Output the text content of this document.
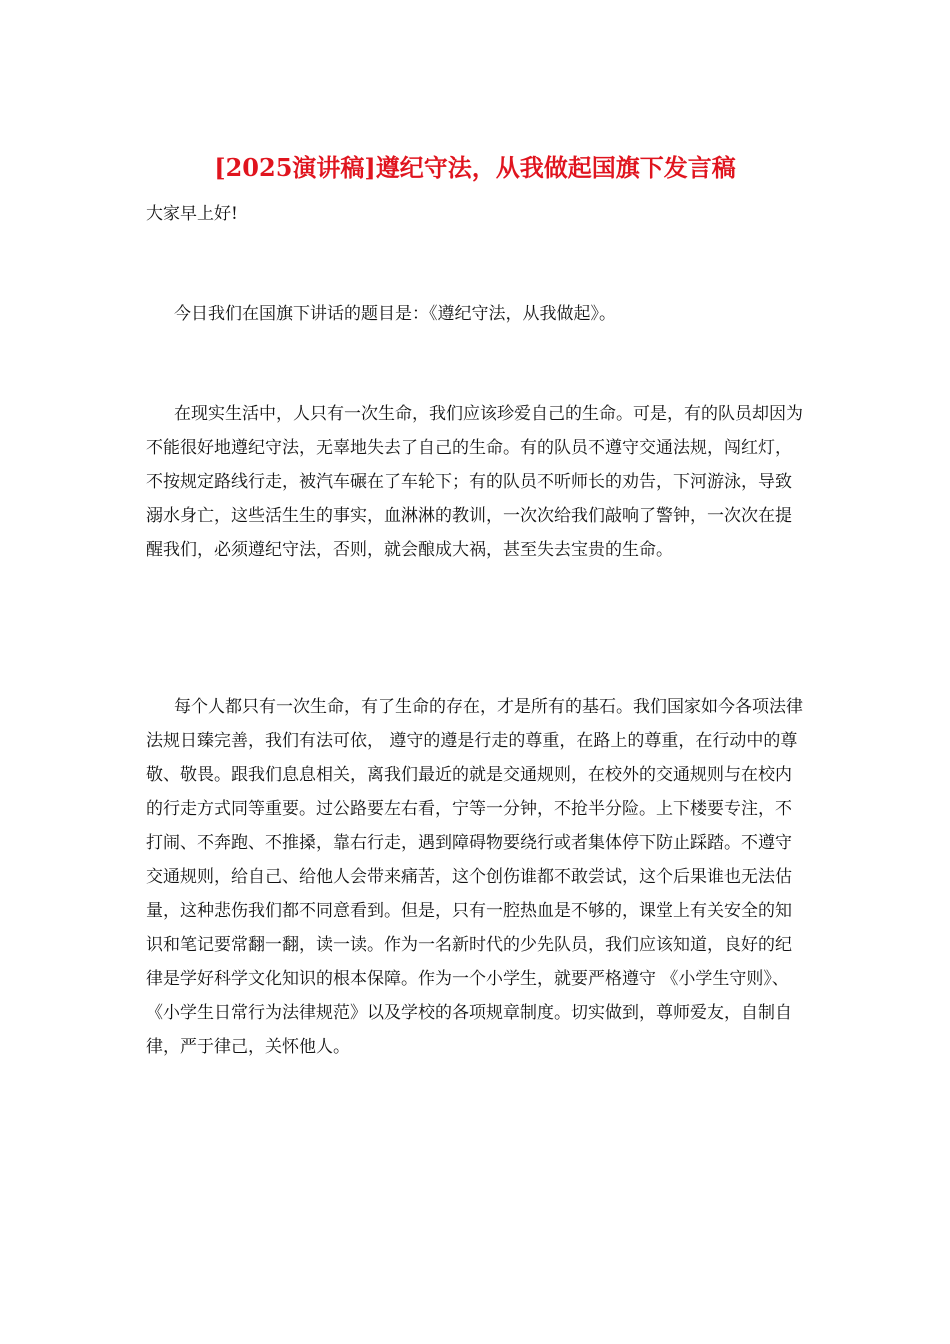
[2025演讲稿]遵纪守法，从我做起国旗下发言稿

大家早上好!

今日我们在国旗下讲话的题目是：《遵纪守法，从我做起》。

在现实生活中，人只有一次生命，我们应该珍爱自己的生命。可是，有的队员却因为不能很好地遵纪守法，无辜地失去了自己的生命。有的队员不遵守交通法规，闯红灯，不按规定路线行走，被汽车碾在了车轮下；有的队员不听师长的劝告，下河游泳，导致溺水身亡，这些活生生的事实，血淋淋的教训，一次次给我们敲响了警钟，一次次在提醒我们，必须遵纪守法，否则，就会酿成大祸，甚至失去宝贵的生命。

每个人都只有一次生命，有了生命的存在，才是所有的基石。我们国家如今各项法律法规日臻完善，我们有法可依， 遵守的遵是行走的尊重，在路上的尊重，在行动中的尊敬、敬畏。跟我们息息相关，离我们最近的就是交通规则，在校外的交通规则与在校内的行走方式同等重要。过公路要左右看，宁等一分钟，不抢半分险。上下楼要专注，不打闹、不奔跑、不推搡，靠右行走，遇到障碍物要绕行或者集体停下防止踩踏。不遵守交通规则，给自己、给他人会带来痛苦，这个创伤谁都不敢尝试，这个后果谁也无法估量，这种悲伤我们都不同意看到。但是，只有一腔热血是不够的，课堂上有关安全的知识和笔记要常翻一翻，读一读。作为一名新时代的少先队员，我们应该知道，良好的纪律是学好科学文化知识的根本保障。作为一个小学生，就要严格遵守 《小学生守则》、《小学生日常行为法律规范》以及学校的各项规章制度。切实做到，尊师爱友，自制自律，严于律己，关怀他人。
